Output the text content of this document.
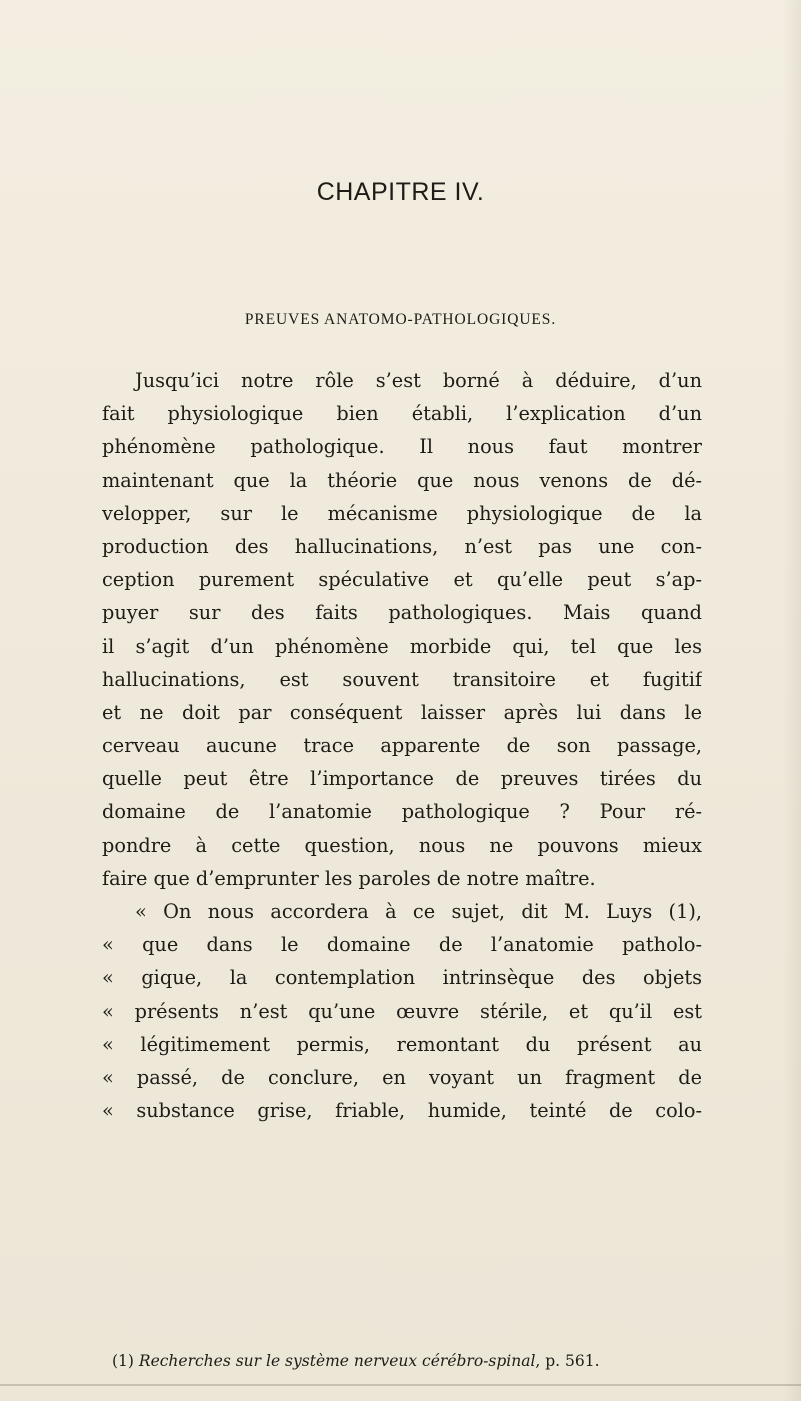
CHAPITRE IV.
PREUVES ANATOMO-PATHOLOGIQUES.
Jusqu’ici notre rôle s’est borné à déduire, d’un
fait physiologique bien établi, l’explication d’un
phénomène pathologique. Il nous faut montrer
maintenant que la théorie que nous venons de dé-
velopper, sur le mécanisme physiologique de la
production des hallucinations, n’est pas une con-
ception purement spéculative et qu’elle peut s’ap-
puyer sur des faits pathologiques. Mais quand
il s’agit d’un phénomène morbide qui, tel que les
hallucinations, est souvent transitoire et fugitif
et ne doit par conséquent laisser après lui dans le
cerveau aucune trace apparente de son passage,
quelle peut être l’importance de preuves tirées du
domaine de l’anatomie pathologique ? Pour ré-
pondre à cette question, nous ne pouvons mieux
faire que d’emprunter les paroles de notre maître.
« On nous accordera à ce sujet, dit M. Luys (1),
« que dans le domaine de l’anatomie patholo-
« gique, la contemplation intrinsèque des objets
« présents n’est qu’une œuvre stérile, et qu’il est
« légitimement permis, remontant du présent au
« passé, de conclure, en voyant un fragment de
« substance grise, friable, humide, teinté de colo-
(1) Recherches sur le système nerveux cérébro-spinal, p. 561.
